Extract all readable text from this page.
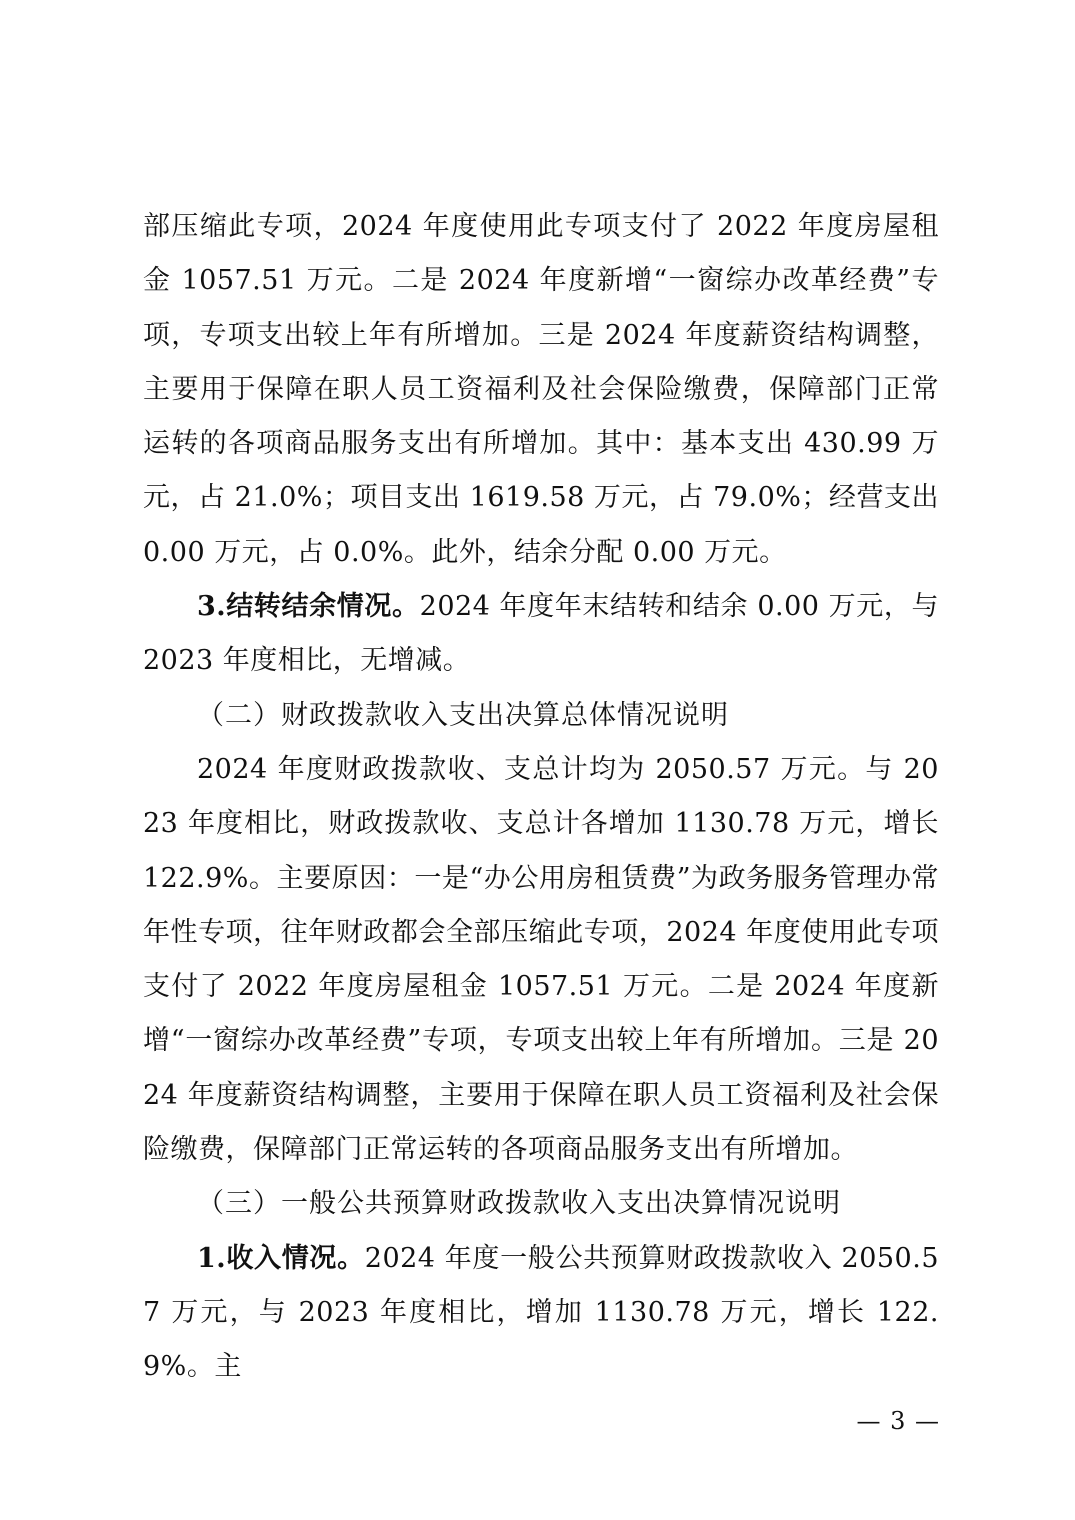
部压缩此专项，2024 年度使用此专项支付了 2022 年度房屋租金 1057.51 万元。二是 2024 年度新增“一窗综办改革经费”专项，专项支出较上年有所增加。三是 2024 年度薪资结构调整，主要用于保障在职人员工资福利及社会保险缴费，保障部门正常运转的各项商品服务支出有所增加。其中：基本支出 430.99 万元，占 21.0%；项目支出 1619.58 万元，占 79.0%；经营支出 0.00 万元，占 0.0%。此外，结余分配 0.00 万元。

3.结转结余情况。2024 年度年末结转和结余 0.00 万元，与 2023 年度相比，无增减。

（二）财政拨款收入支出决算总体情况说明

2024 年度财政拨款收、支总计均为 2050.57 万元。与 2023 年度相比，财政拨款收、支总计各增加 1130.78 万元，增长 122.9%。主要原因：一是“办公用房租赁费”为政务服务管理办常年性专项，往年财政都会全部压缩此专项，2024 年度使用此专项支付了 2022 年度房屋租金 1057.51 万元。二是 2024 年度新增“一窗综办改革经费”专项，专项支出较上年有所增加。三是 2024 年度薪资结构调整，主要用于保障在职人员工资福利及社会保险缴费，保障部门正常运转的各项商品服务支出有所增加。

（三）一般公共预算财政拨款收入支出决算情况说明

1.收入情况。2024 年度一般公共预算财政拨款收入 2050.57 万元，与 2023 年度相比，增加 1130.78 万元，增长 122.9%。主

— 3 —
